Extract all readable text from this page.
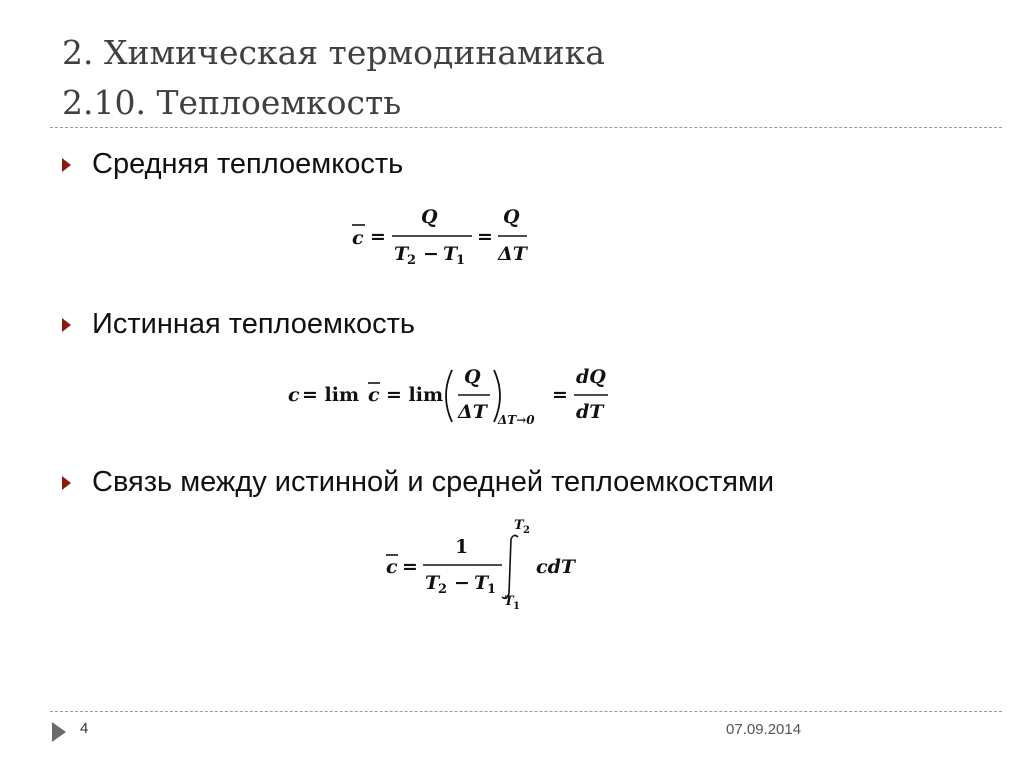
2. Химическая термодинамика
2.10. Теплоемкость
Средняя теплоемкость
c =
Q
T
2 − T
1
=
Q
ΔT
Истинная теплоемкость
c = lim c = lim
Q
ΔT ΔT→0
=
dQ
dT
Связь между истинной и средней теплоемкостями
c =
1
T
2 − T
1
T 2
T 1
cdT
4	07.09.2014
